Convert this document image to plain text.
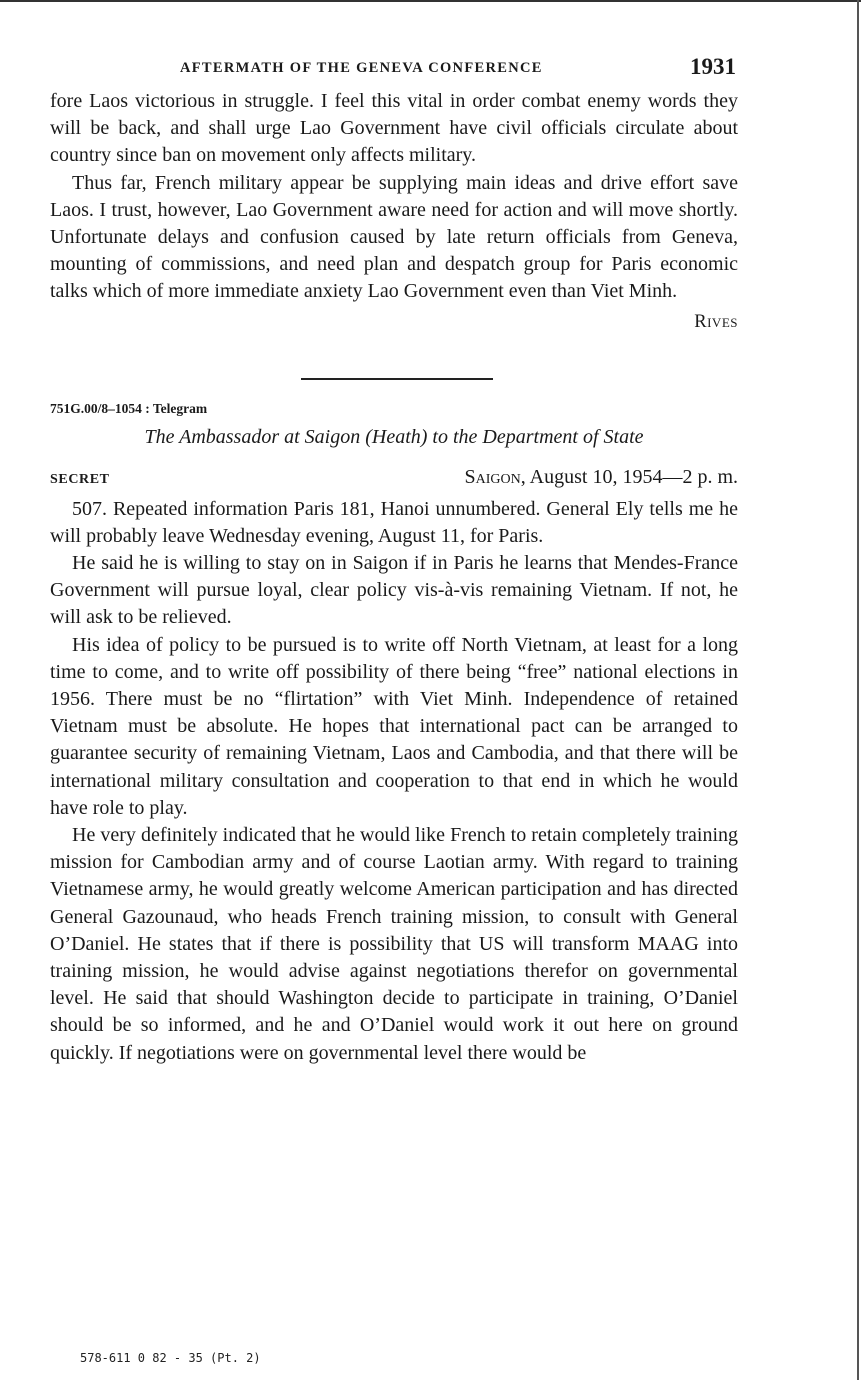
AFTERMATH OF THE GENEVA CONFERENCE	1931

fore Laos victorious in struggle. I feel this vital in order combat enemy words they will be back, and shall urge Lao Government have civil officials circulate about country since ban on movement only affects military.

Thus far, French military appear be supplying main ideas and drive effort save Laos. I trust, however, Lao Government aware need for action and will move shortly. Unfortunate delays and confusion caused by late return officials from Geneva, mounting of commissions, and need plan and despatch group for Paris economic talks which of more immediate anxiety Lao Government even than Viet Minh.

Rives
751G.00/8–1054 : Telegram
The Ambassador at Saigon (Heath) to the Department of State
SECRET	Saigon, August 10, 1954—2 p. m.

507. Repeated information Paris 181, Hanoi unnumbered. General Ely tells me he will probably leave Wednesday evening, August 11, for Paris.

He said he is willing to stay on in Saigon if in Paris he learns that Mendes-France Government will pursue loyal, clear policy vis-à-vis remaining Vietnam. If not, he will ask to be relieved.

His idea of policy to be pursued is to write off North Vietnam, at least for a long time to come, and to write off possibility of there being “free” national elections in 1956. There must be no “flirtation” with Viet Minh. Independence of retained Vietnam must be absolute. He hopes that international pact can be arranged to guarantee security of remaining Vietnam, Laos and Cambodia, and that there will be international military consultation and cooperation to that end in which he would have role to play.

He very definitely indicated that he would like French to retain completely training mission for Cambodian army and of course Laotian army. With regard to training Vietnamese army, he would greatly welcome American participation and has directed General Gazounaud, who heads French training mission, to consult with General O’Daniel. He states that if there is possibility that US will transform MAAG into training mission, he would advise against negotiations therefor on governmental level. He said that should Washington decide to participate in training, O’Daniel should be so informed, and he and O’Daniel would work it out here on ground quickly. If negotiations were on governmental level there would be

578-611 0 82 - 35 (Pt. 2)
